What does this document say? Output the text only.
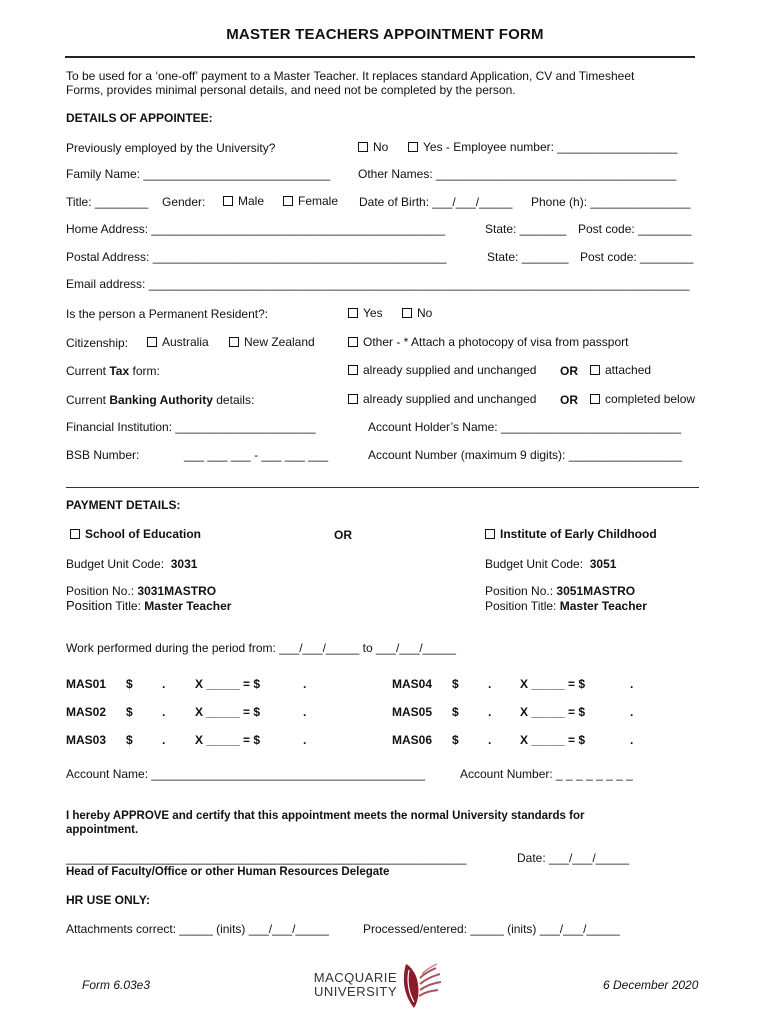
MASTER TEACHERS APPOINTMENT FORM
To be used for a ‘one-off’ payment to a Master Teacher. It replaces standard Application, CV and Timesheet
Forms, provides minimal personal details, and need not be completed by the person.
DETAILS OF APPOINTEE:
Previously employed by the University?	No	Yes - Employee number: __________________
Family Name: ____________________________ Other Names: ____________________________________
Title: ________ Gender:	Male	Female Date of Birth: ___/___/_____ Phone (h): _______________
Home Address: ____________________________________________	State: _______ Post code: ________
Postal Address: ____________________________________________	State: _______ Post code: ________
Email address: _________________________________________________________________________________
Is the person a Permanent Resident?:	Yes	No
Citizenship:	Australia	New Zealand	Other - * Attach a photocopy of visa from passport
Current Tax form:	already supplied and unchanged OR	attached
Current Banking Authority details:	already supplied and unchanged OR	completed below
Financial Institution: _____________________	Account Holder’s Name: ___________________________
BSB Number:	___ ___ ___ - ___ ___ ___	Account Number (maximum 9 digits): _________________
PAYMENT DETAILS:
School of Education	OR	Institute of Early Childhood
Budget Unit Code: 3031	Budget Unit Code: 3051
Position No.: 3031MASTRO	Position No.: 3051MASTRO
Position Title: Master Teacher	Position Title: Master Teacher
Work performed during the period from: ___/___/_____ to ___/___/_____
MAS01 $ . X _____ = $	.	MAS04 $ . X _____ = $	.
MAS02 $ . X _____ = $	.	MAS05 $ . X _____ = $	.
MAS03 $ . X _____ = $	.	MAS06 $ . X _____ = $	.
Account Name: _________________________________________	Account Number: _ _ _ _ _ _ _ _
I hereby APPROVE and certify that this appointment meets the normal University standards for
appointment.
____________________________________________________________	Date: ___/___/_____
Head of Faculty/Office or other Human Resources Delegate
HR USE ONLY:
Attachments correct: _____ (inits) ___/___/_____	Processed/entered: _____ (inits) ___/___/_____
Form 6.03e3	MACQUARIE
UNIVERSITY	6 December 2020
